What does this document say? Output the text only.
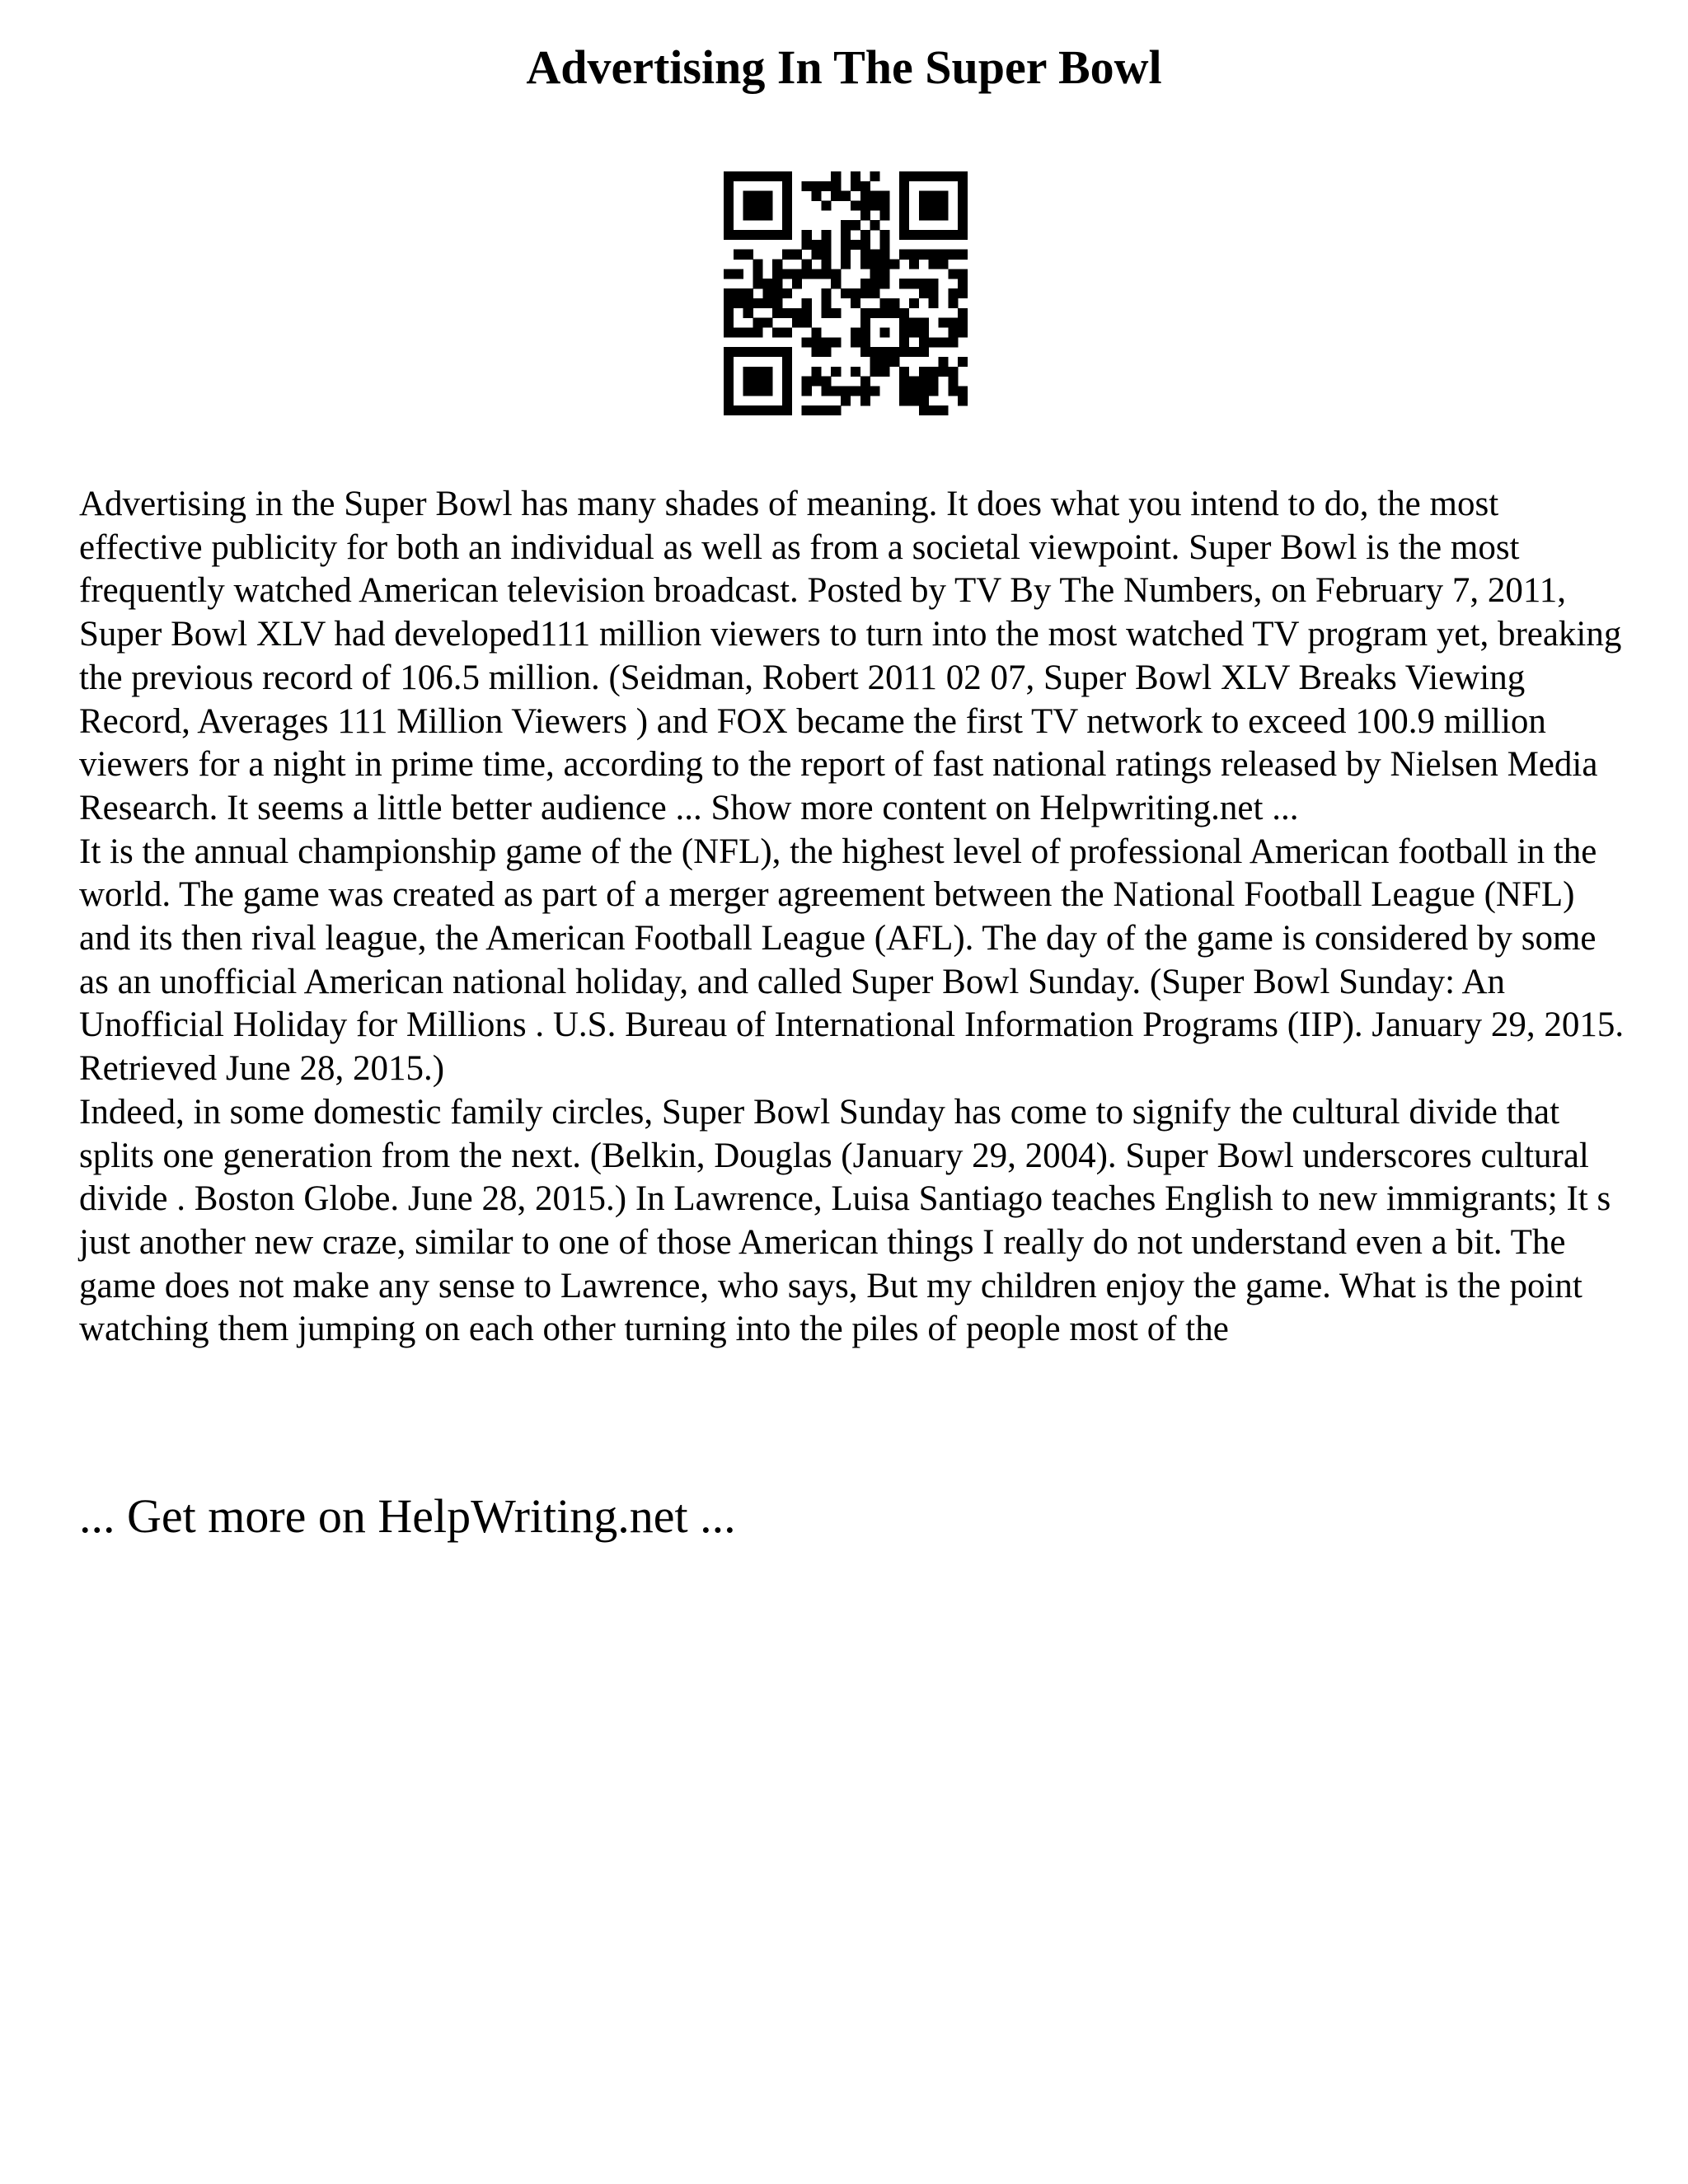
Advertising In The Super Bowl

Advertising in the Super Bowl has many shades of meaning. It does what you intend to do, the most effective publicity for both an individual as well as from a societal viewpoint. Super Bowl is the most frequently watched American television broadcast. Posted by TV By The Numbers, on February 7, 2011, Super Bowl XLV had developed111 million viewers to turn into the most watched TV program yet, breaking the previous record of 106.5 million. (Seidman, Robert 2011 02 07, Super Bowl XLV Breaks Viewing Record, Averages 111 Million Viewers ) and FOX became the first TV network to exceed 100.9 million viewers for a night in prime time, according to the report of fast national ratings released by Nielsen Media Research. It seems a little better audience ... Show more content on Helpwriting.net ...

It is the annual championship game of the (NFL), the highest level of professional American football in the world. The game was created as part of a merger agreement between the National Football League (NFL) and its then rival league, the American Football League (AFL). The day of the game is considered by some as an unofficial American national holiday, and called Super Bowl Sunday. (Super Bowl Sunday: An Unofficial Holiday for Millions . U.S. Bureau of International Information Programs (IIP). January 29, 2015. Retrieved June 28, 2015.)

Indeed, in some domestic family circles, Super Bowl Sunday has come to signify the cultural divide that splits one generation from the next. (Belkin, Douglas (January 29, 2004). Super Bowl underscores cultural divide . Boston Globe. June 28, 2015.) In Lawrence, Luisa Santiago teaches English to new immigrants; It s just another new craze, similar to one of those American things I really do not understand even a bit. The game does not make any sense to Lawrence, who says, But my children enjoy the game. What is the point watching them jumping on each other turning into the piles of people most of the

... Get more on HelpWriting.net ...
